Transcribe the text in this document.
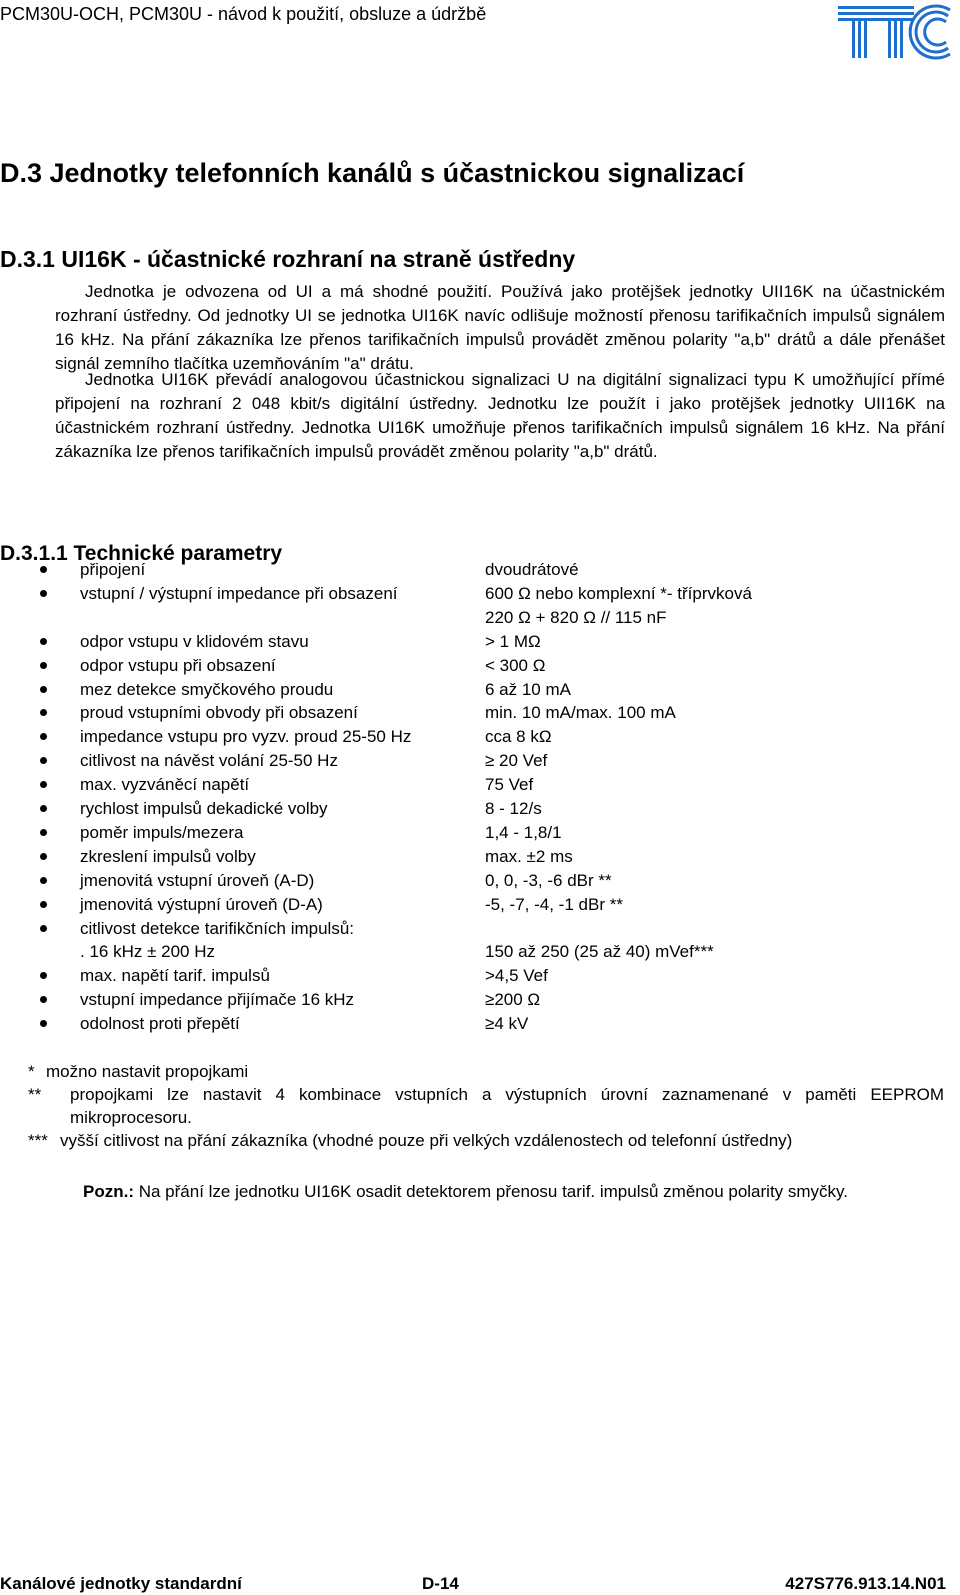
PCM30U-OCH, PCM30U - návod k použití, obsluze a údržbě
D.3 Jednotky telefonních kanálů s účastnickou signalizací
D.3.1 UI16K - účastnické rozhraní na straně ústředny
Jednotka je odvozena od UI a má shodné použití. Používá jako protějšek jednotky UII16K na účastnickém rozhraní ústředny. Od jednotky UI se jednotka UI16K navíc odlišuje možností přenosu tarifikačních impulsů signálem 16 kHz. Na přání zákazníka lze přenos tarifikačních impulsů provádět změnou polarity "a,b" drátů a dále přenášet signál zemního tlačítka uzemňováním "a" drátu.
Jednotka UI16K převádí analogovou účastnickou signalizaci U na digitální signalizaci typu K umožňující přímé připojení na rozhraní 2 048 kbit/s digitální ústředny. Jednotku lze použít i jako protějšek jednotky UII16K na účastnickém rozhraní ústředny. Jednotka UI16K umožňuje přenos tarifikačních impulsů signálem 16 kHz. Na přání zákazníka lze přenos tarifikačních impulsů provádět změnou polarity "a,b" drátů.
D.3.1.1 Technické parametry
připojení	dvoudrátové
vstupní / výstupní impedance při obsazení	600 Ω nebo komplexní *- tříprvková
220 Ω + 820 Ω // 115 nF
odpor vstupu v klidovém stavu	> 1 MΩ
odpor vstupu při obsazení	< 300 Ω
mez detekce smyčkového proudu	6 až 10 mA
proud vstupními obvody při obsazení	min. 10 mA/max. 100 mA
impedance vstupu pro vyzv. proud 25-50 Hz	cca 8 kΩ
citlivost na návěst volání 25-50 Hz	≥ 20 Vef
max. vyzváněcí napětí	75 Vef
rychlost impulsů dekadické volby	8 - 12/s
poměr impuls/mezera	1,4 - 1,8/1
zkreslení impulsů volby	max. ±2 ms
jmenovitá vstupní úroveň (A-D)	0, 0, -3, -6 dBr **
jmenovitá výstupní úroveň (D-A)	-5, -7, -4, -1 dBr **
citlivost detekce tarifikčních impulsů:
. 16 kHz ± 200 Hz	150 až 250 (25 až 40) mVef***
max. napětí tarif. impulsů	>4,5 Vef
vstupní impedance přijímače 16 kHz	≥200 Ω
odolnost proti přepětí	≥4 kV
* možno nastavit propojkami
**	propojkami lze nastavit 4 kombinace vstupních a výstupních úrovní zaznamenané v paměti EEPROM mikroprocesoru.
*** vyšší citlivost na přání zákazníka (vhodné pouze při velkých vzdálenostech od telefonní ústředny)
Pozn.: Na přání lze jednotku UI16K osadit detektorem přenosu tarif. impulsů změnou polarity smyčky.
Kanálové jednotky standardní	D-14	427S776.913.14.N01
